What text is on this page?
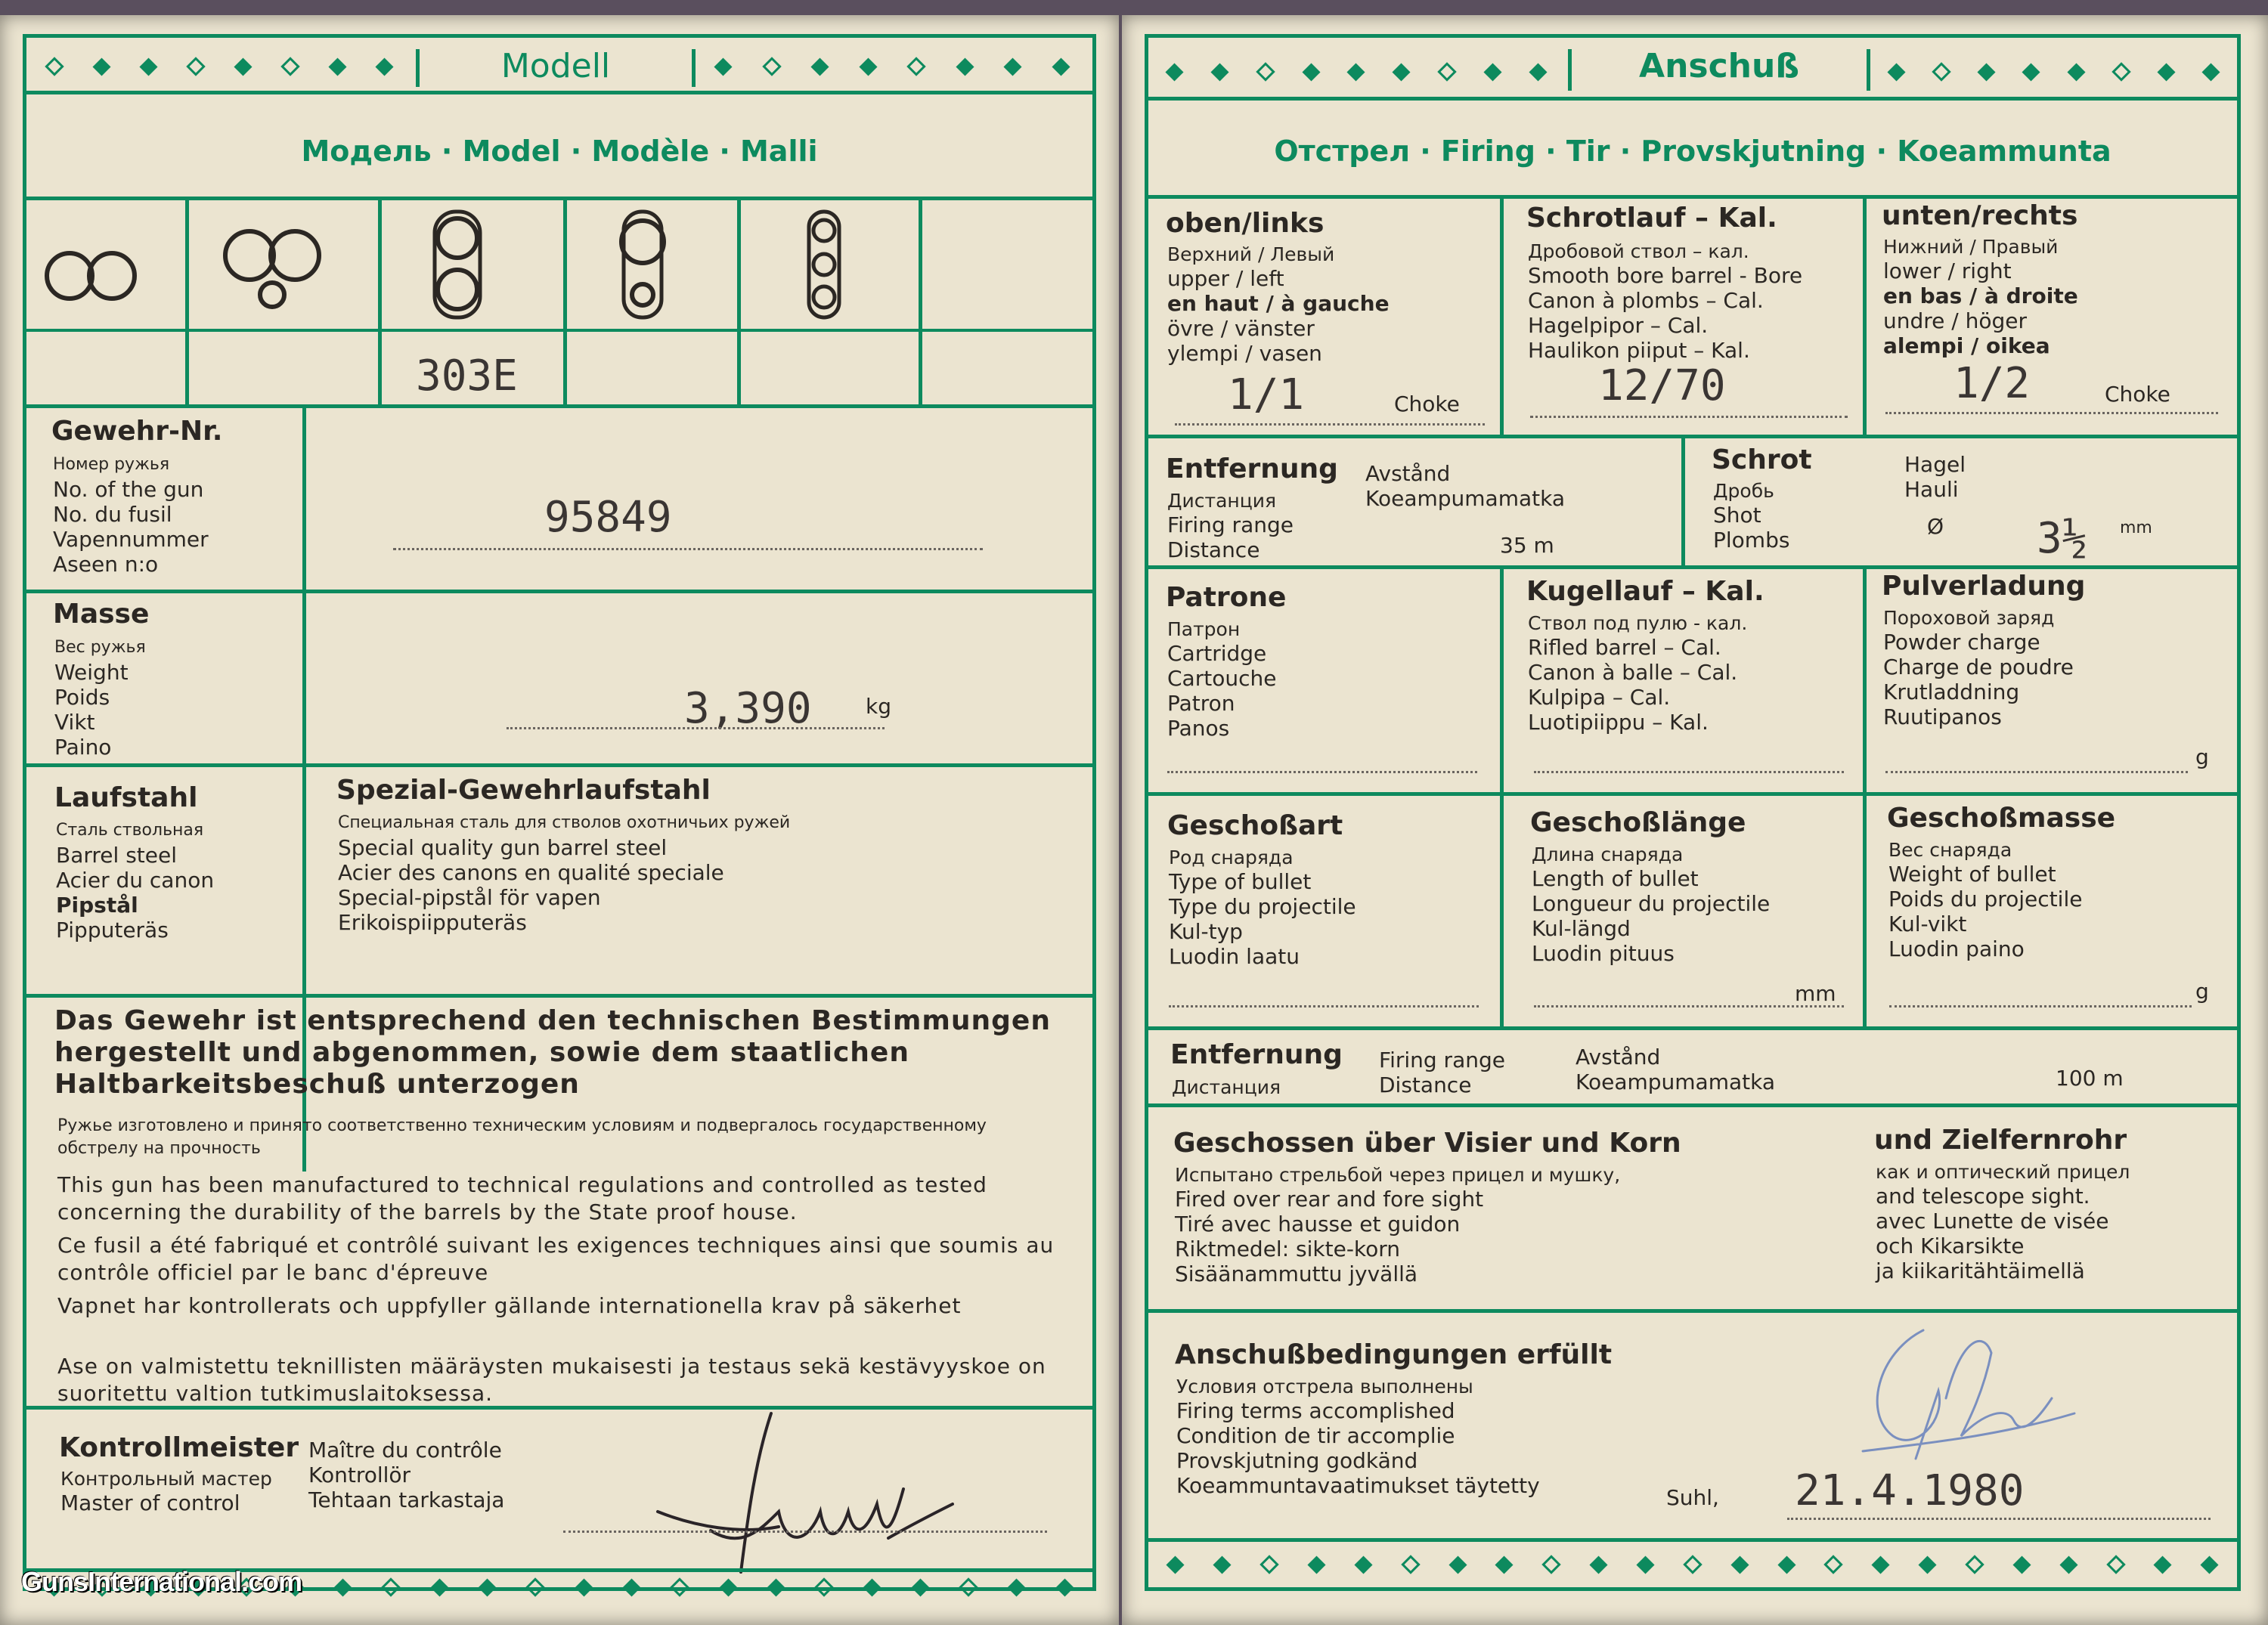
Modell
Модель · Model · Modèle · Malli
303E
Gewehr-Nr.
Номер ружья
No. of the gun
No. du fusil
Vapennummer
Aseen n:o
95849
Masse
Вес ружья
Weight
Poids
Vikt
Paino
3,390	kg
Laufstahl
Сталь ствольная
Barrel steel
Acier du canon
Pipstål
Pipputeräs
Spezial-Gewehrlaufstahl
Специальная сталь для стволов охотничьих ружей
Special quality gun barrel steel
Acier des canons en qualité speciale
Special-pipstål för vapen
Erikoispiipputeräs
Das Gewehr ist entsprechend den technischen Bestimmungen hergestellt und abgenommen, sowie dem staatlichen Haltbarkeitsbeschuß unterzogen
Ружье изготовлено и принято соответственно техническим условиям и подвергалось государственному обстрелу на прочность
This gun has been manufactured to technical regulations and controlled as tested concerning the durability of the barrels by the State proof house.
Ce fusil a été fabriqué et contrôlé suivant les exigences techniques ainsi que soumis au contrôle officiel par le banc d'épreuve
Vapnet har kontrollerats och uppfyller gällande internationella krav på säkerhet
Ase on valmistettu teknillisten määräysten mukaisesti ja testaus sekä kestävyyskoe on suoritettu valtion tutkimuslaitoksessa.
Kontrollmeister
Контрольный мастер
Master of control
Maître du contrôle
Kontrollör
Tehtaan tarkastaja
GunsInternational.com
Anschuß
Отстрел · Firing · Tir · Provskjutning · Koeammunta
oben/links
Верхний / Левый
upper / left
en haut / à gauche
övre / vänster
ylempi / vasen
1/1	Choke
Schrotlauf – Kal.
Дробовой ствол – кал.
Smooth bore barrel - Bore
Canon à plombs – Cal.
Hagelpipor – Cal.
Haulikon piiput – Kal.
12/70
unten/rechts
Нижний / Правый
lower / right
en bas / à droite
undre / höger
alempi / oikea
1/2	Choke
Entfernung
Дистанция
Firing range
Distance
Avstånd
Koeampumamatka
35 m
Schrot
Дробь
Shot
Plombs
Hagel
Hauli
Ø 3½ mm
Patrone
Патрон
Cartridge
Cartouche
Patron
Panos
Kugellauf – Kal.
Ствол под пулю - кал.
Rifled barrel – Cal.
Canon à balle – Cal.
Kulpipa – Cal.
Luotipiippu – Kal.
Pulverladung
Пороховой заряд
Powder charge
Charge de poudre
Krutladdning
Ruutipanos
g
Geschoßart
Род снаряда
Type of bullet
Type du projectile
Kul-typ
Luodin laatu
Geschoßlänge
Длина снаряда
Length of bullet
Longueur du projectile
Kul-längd
Luodin pituus
mm
Geschoßmasse
Вес снаряда
Weight of bullet
Poids du projectile
Kul-vikt
Luodin paino
g
Entfernung
Дистанция
Firing range
Distance
Avstånd
Koeampumamatka	100 m
Geschossen über Visier und Korn
Испытано стрельбой через прицел и мушку,
Fired over rear and fore sight
Tiré avec hausse et guidon
Riktmedel: sikte-korn
Sisäänammuttu jyvällä
und Zielfernrohr
как и оптический прицел
and telescope sight.
avec Lunette de visée
och Kikarsikte
ja kiikaritähtäimellä
Anschußbedingungen erfüllt
Условия отстрела выполнены
Firing terms accomplished
Condition de tir accomplie
Provskjutning godkänd
Koeammuntavaatimukset täytetty	Suhl, 21.4.1980
